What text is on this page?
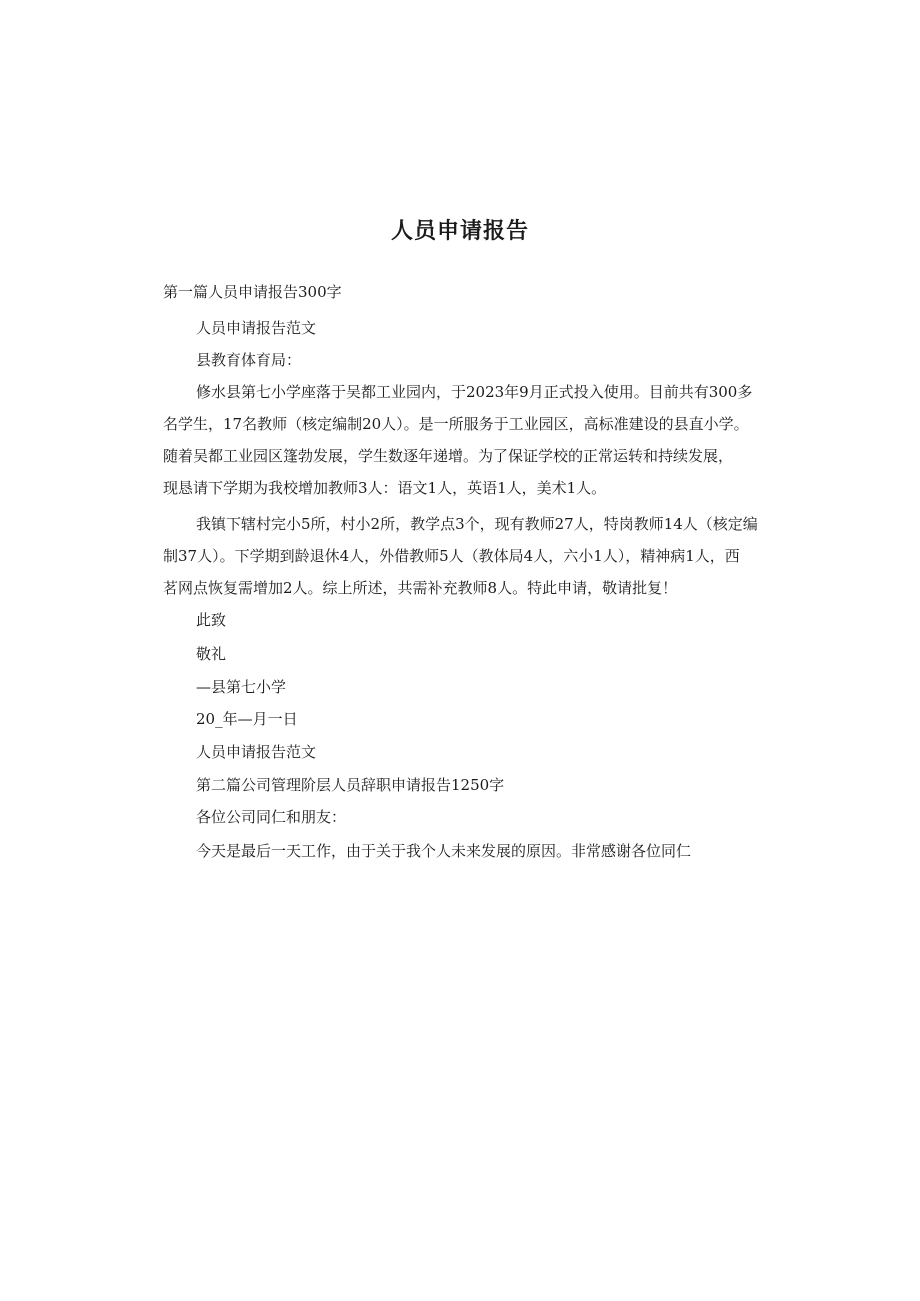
人员申请报告

第一篇人员申请报告300字

人员申请报告范文

县教育体育局：

修水县第七小学座落于吴都工业园内，于2023年9月正式投入使用。目前共有300多

名学生，17名教师（核定编制20人）。是一所服务于工业园区，高标准建设的县直小学。

随着吴都工业园区篷勃发展，学生数逐年递增。为了保证学校的正常运转和持续发展，

现恳请下学期为我校增加教师3人：语文1人，英语1人，美术1人。

我镇下辖村完小5所，村小2所，教学点3个，现有教师27人，特岗教师14人（核定编

制37人）。下学期到龄退休4人，外借教师5人（教体局4人，六小1人），精神病1人，西

茗网点恢复需增加2人。综上所述，共需补充教师8人。特此申请，敬请批复！

此致

敬礼

—县第七小学

20_年—月一日

人员申请报告范文

第二篇公司管理阶层人员辞职申请报告1250字

各位公司同仁和朋友：

今天是最后一天工作，由于关于我个人未来发展的原因。非常感谢各位同仁
